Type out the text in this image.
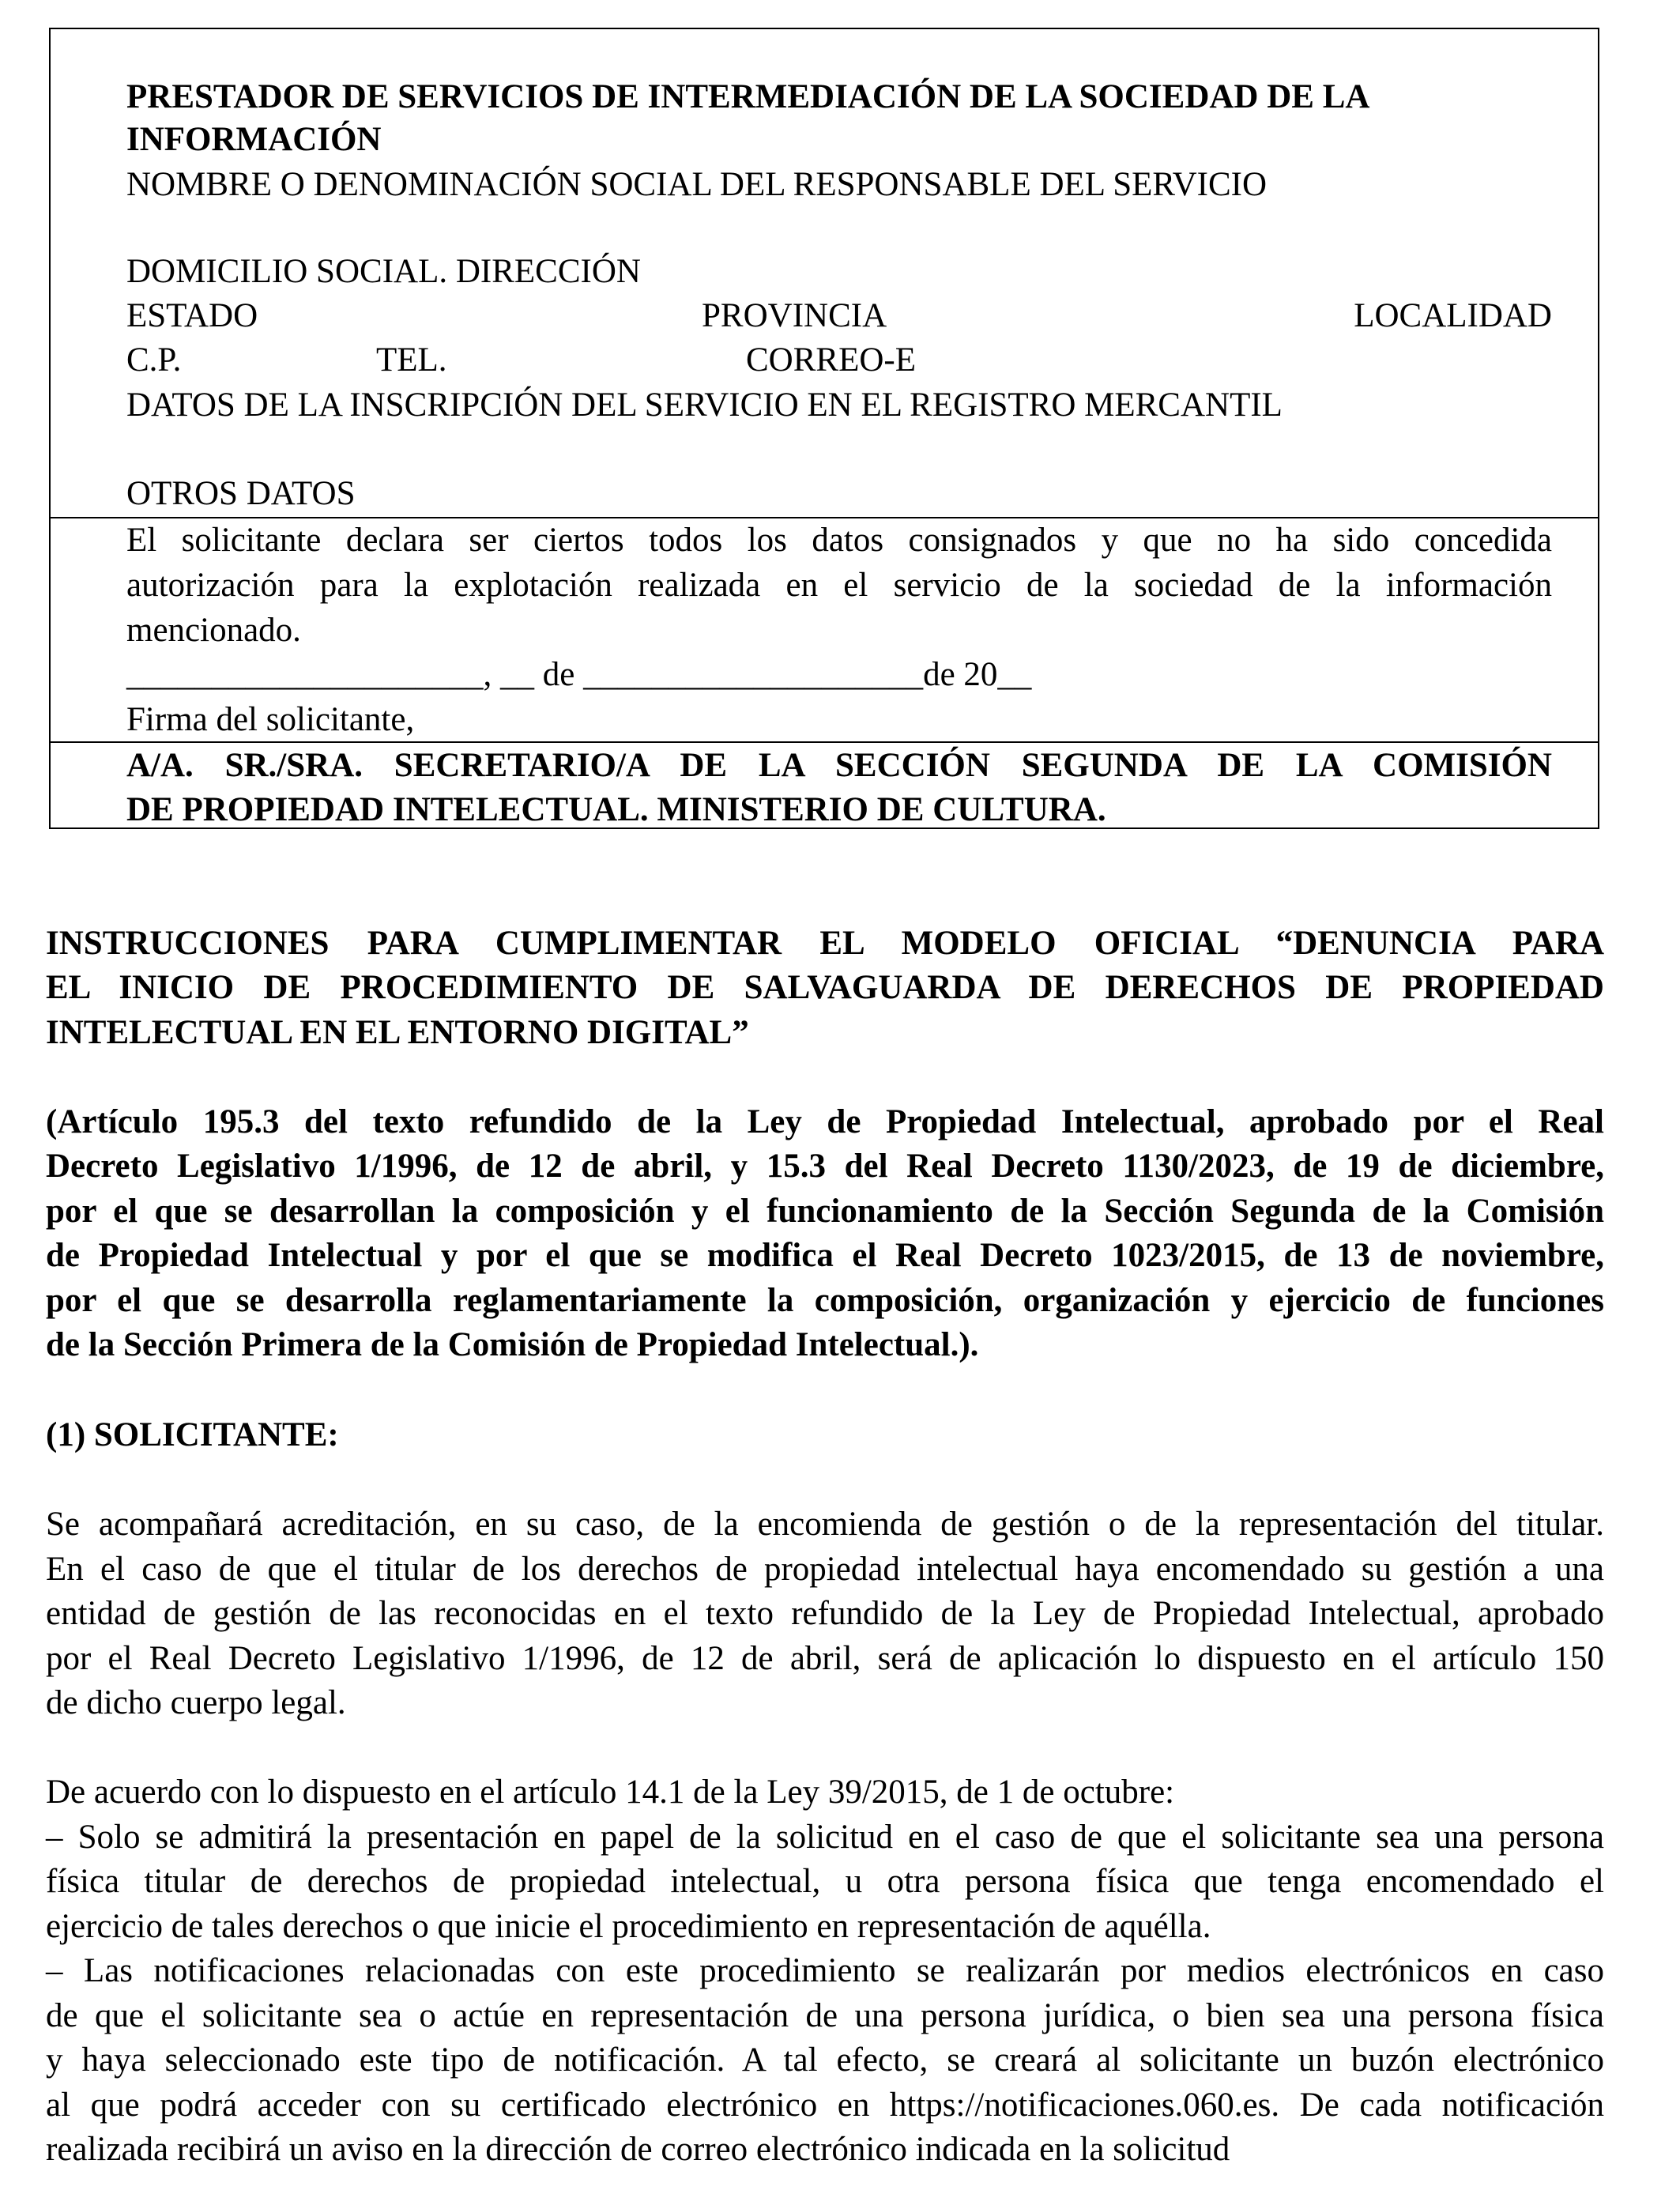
PRESTADOR DE SERVICIOS DE INTERMEDIACIÓN DE LA SOCIEDAD DE LA
INFORMACIÓN
NOMBRE O DENOMINACIÓN SOCIAL DEL RESPONSABLE DEL SERVICIO
DOMICILIO SOCIAL. DIRECCIÓN
ESTADO	PROVINCIA	LOCALIDAD
C.P.	TEL.	CORREO-E
DATOS DE LA INSCRIPCIÓN DEL SERVICIO EN EL REGISTRO MERCANTIL
OTROS DATOS
El solicitante declara ser ciertos todos los datos consignados y que no ha sido concedida
autorización para la explotación realizada en el servicio de la sociedad de la información
mencionado.
_____________________, __ de ____________________de 20__
Firma del solicitante,
A/A. SR./SRA. SECRETARIO/A DE LA SECCIÓN SEGUNDA DE LA COMISIÓN
DE PROPIEDAD INTELECTUAL. MINISTERIO DE CULTURA.
INSTRUCCIONES PARA CUMPLIMENTAR EL MODELO OFICIAL “DENUNCIA PARA
EL INICIO DE PROCEDIMIENTO DE SALVAGUARDA DE DERECHOS DE PROPIEDAD
INTELECTUAL EN EL ENTORNO DIGITAL”
(Artículo 195.3 del texto refundido de la Ley de Propiedad Intelectual, aprobado por el Real
Decreto Legislativo 1/1996, de 12 de abril, y 15.3 del Real Decreto 1130/2023, de 19 de diciembre,
por el que se desarrollan la composición y el funcionamiento de la Sección Segunda de la Comisión
de Propiedad Intelectual y por el que se modifica el Real Decreto 1023/2015, de 13 de noviembre,
por el que se desarrolla reglamentariamente la composición, organización y ejercicio de funciones
de la Sección Primera de la Comisión de Propiedad Intelectual.).
(1) SOLICITANTE:
Se acompañará acreditación, en su caso, de la encomienda de gestión o de la representación del titular.
En el caso de que el titular de los derechos de propiedad intelectual haya encomendado su gestión a una
entidad de gestión de las reconocidas en el texto refundido de la Ley de Propiedad Intelectual, aprobado
por el Real Decreto Legislativo 1/1996, de 12 de abril, será de aplicación lo dispuesto en el artículo 150
de dicho cuerpo legal.
De acuerdo con lo dispuesto en el artículo 14.1 de la Ley 39/2015, de 1 de octubre:
– Solo se admitirá la presentación en papel de la solicitud en el caso de que el solicitante sea una persona
física titular de derechos de propiedad intelectual, u otra persona física que tenga encomendado el
ejercicio de tales derechos o que inicie el procedimiento en representación de aquélla.
– Las notificaciones relacionadas con este procedimiento se realizarán por medios electrónicos en caso
de que el solicitante sea o actúe en representación de una persona jurídica, o bien sea una persona física
y haya seleccionado este tipo de notificación. A tal efecto, se creará al solicitante un buzón electrónico
al que podrá acceder con su certificado electrónico en https://notificaciones.060.es. De cada notificación
realizada recibirá un aviso en la dirección de correo electrónico indicada en la solicitud
